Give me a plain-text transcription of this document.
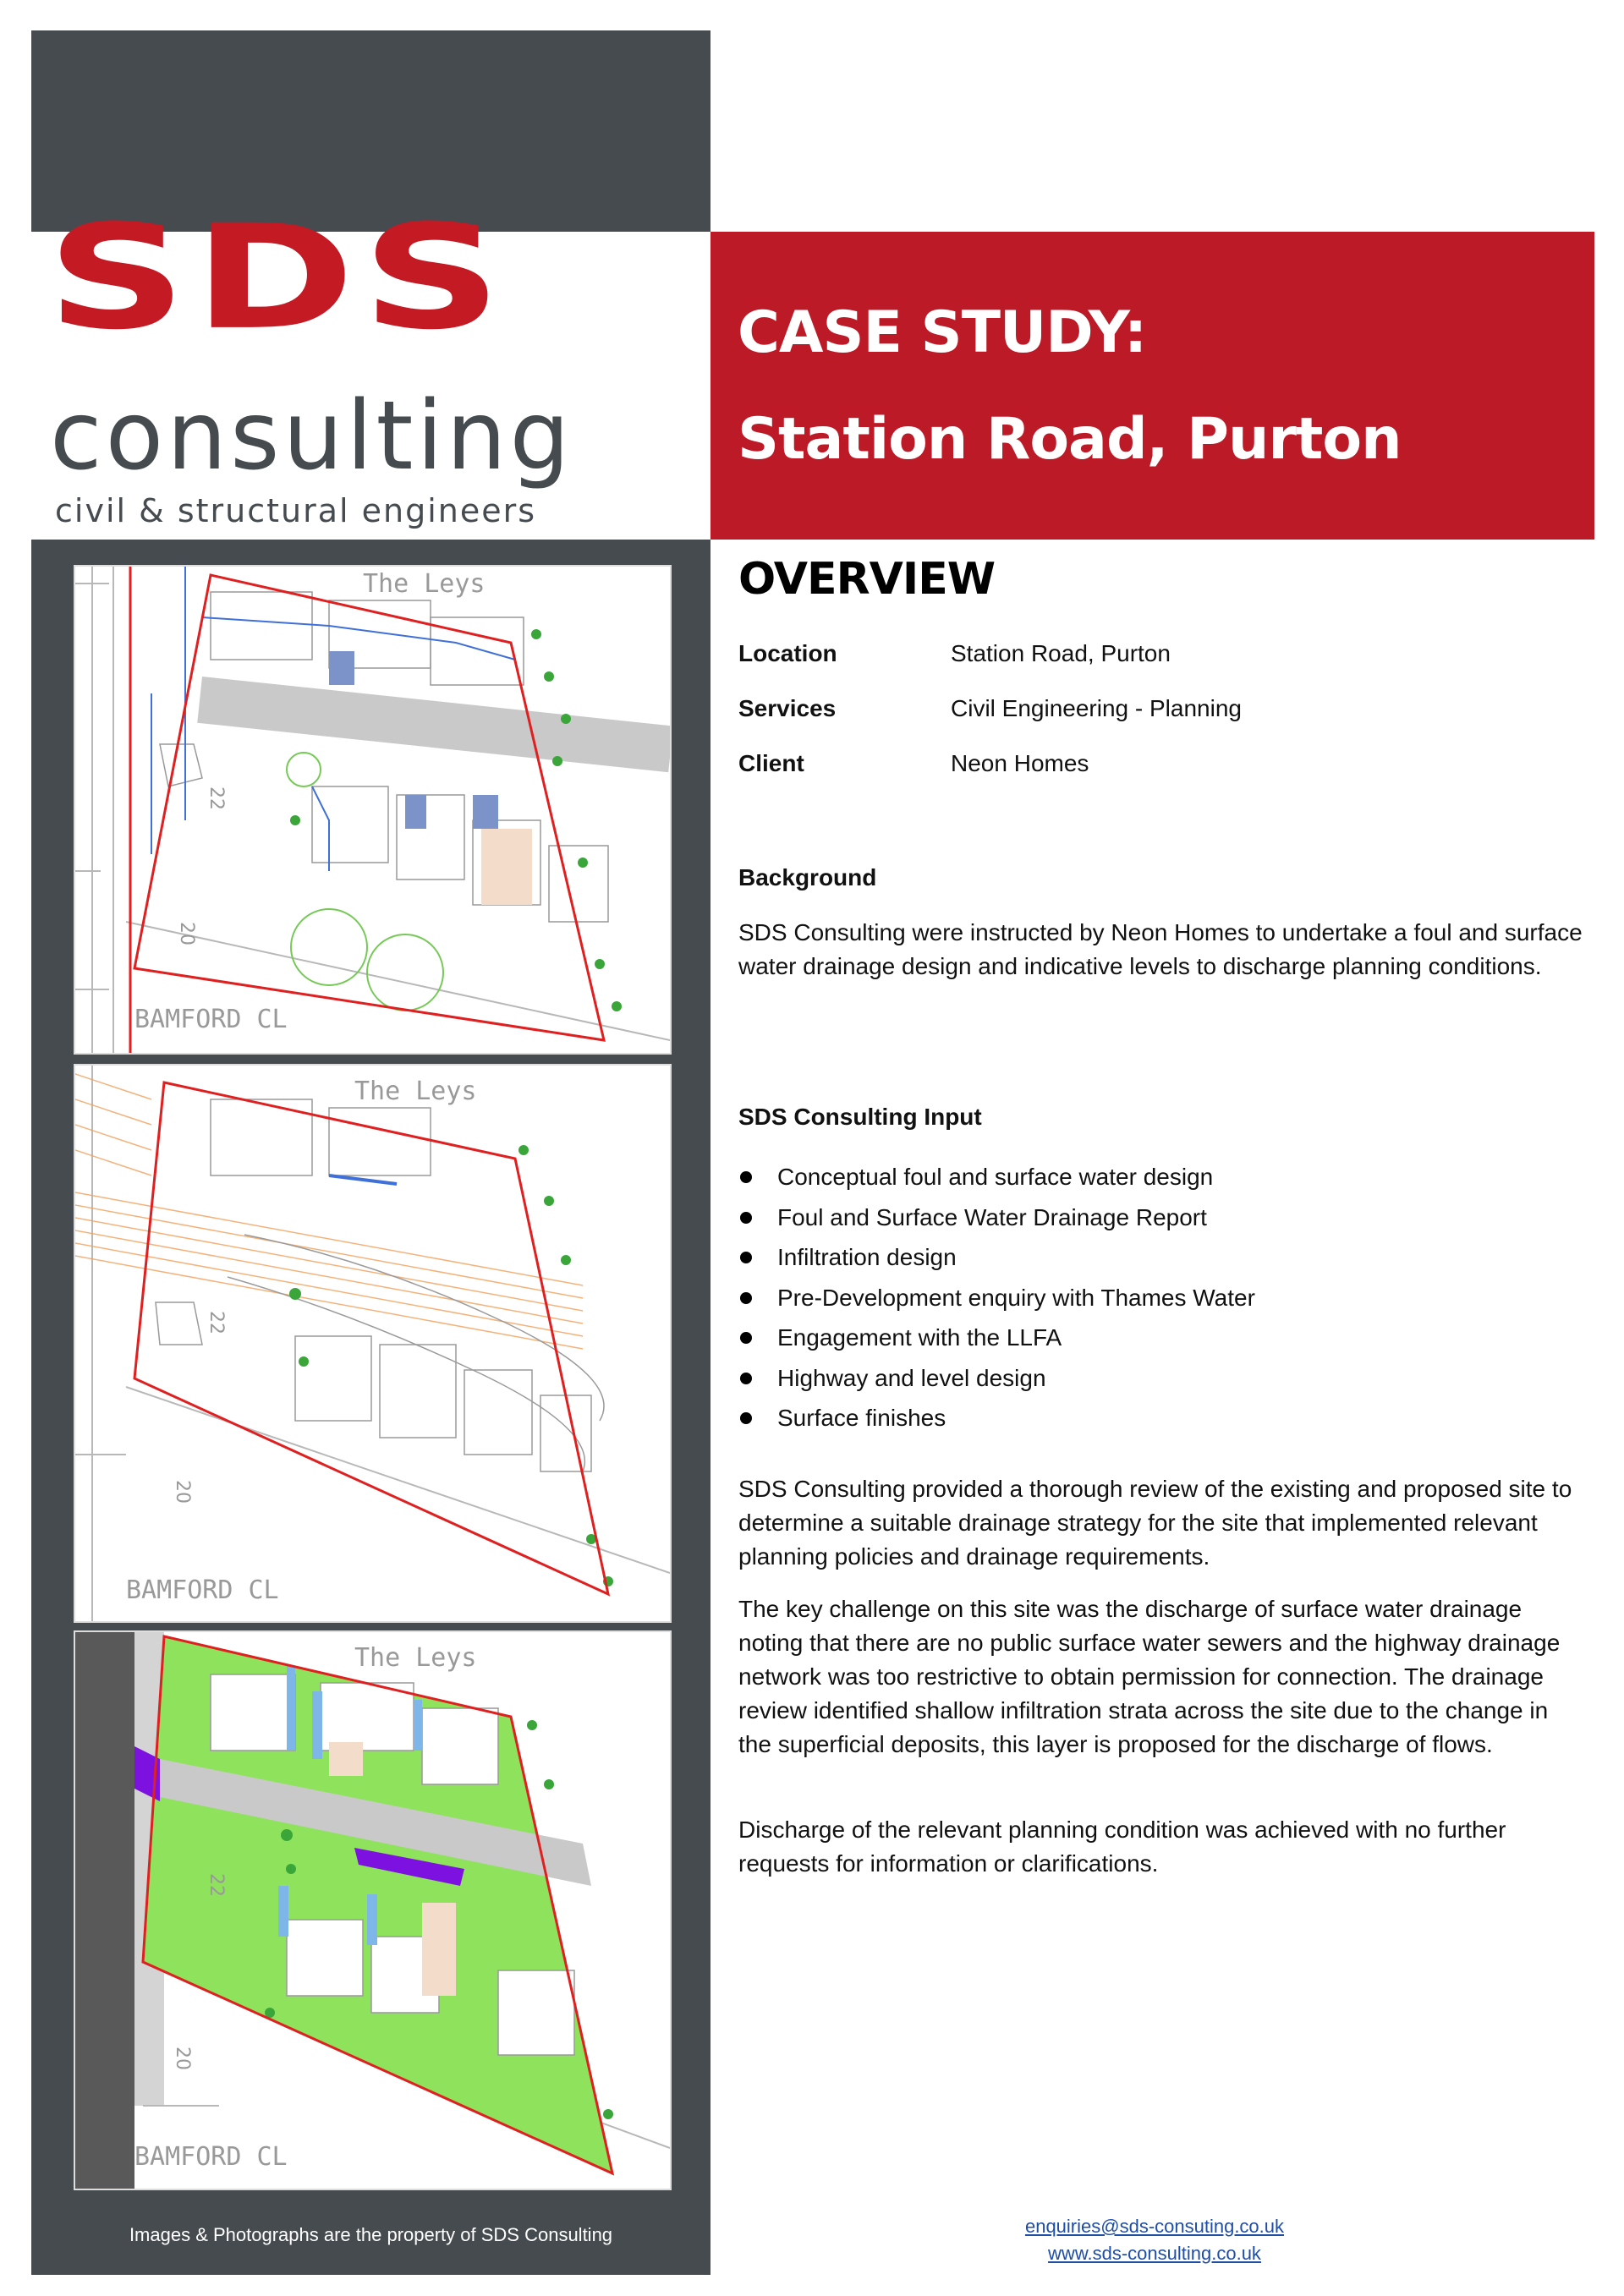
SDS
consulting
civil & structural engineers
CASE STUDY:
Station Road, Purton
The Leys
BAMFORD CL
22
20
The Leys
BAMFORD CL
22
20
The Leys
BAMFORD CL
22
20
Images & Photographs are the property of SDS Consulting
OVERVIEW
Location	Station Road, Purton
Services	Civil Engineering - Planning
Client	Neon Homes
Background
SDS Consulting were instructed by Neon Homes to undertake a foul and surface water drainage design and indicative levels to discharge planning conditions.
SDS Consulting Input
Conceptual foul and surface water design
Foul and Surface Water Drainage Report
Infiltration design
Pre-Development enquiry with Thames Water
Engagement with the LLFA
Highway and level design
Surface finishes
SDS Consulting provided a thorough review of the existing and proposed site to determine a suitable drainage strategy for the site that implemented relevant planning policies and drainage requirements.
The key challenge on this site was the discharge of surface water drainage noting that there are no public surface water sewers and the highway drainage network was too restrictive to obtain permission for connection. The drainage review identified shallow infiltration strata across the site due to the change in the superficial deposits, this layer is proposed for the discharge of flows.
Discharge of the relevant planning condition was achieved with no further requests for information or clarifications.
enquiries@sds-consuting.co.uk
www.sds-consulting.co.uk
